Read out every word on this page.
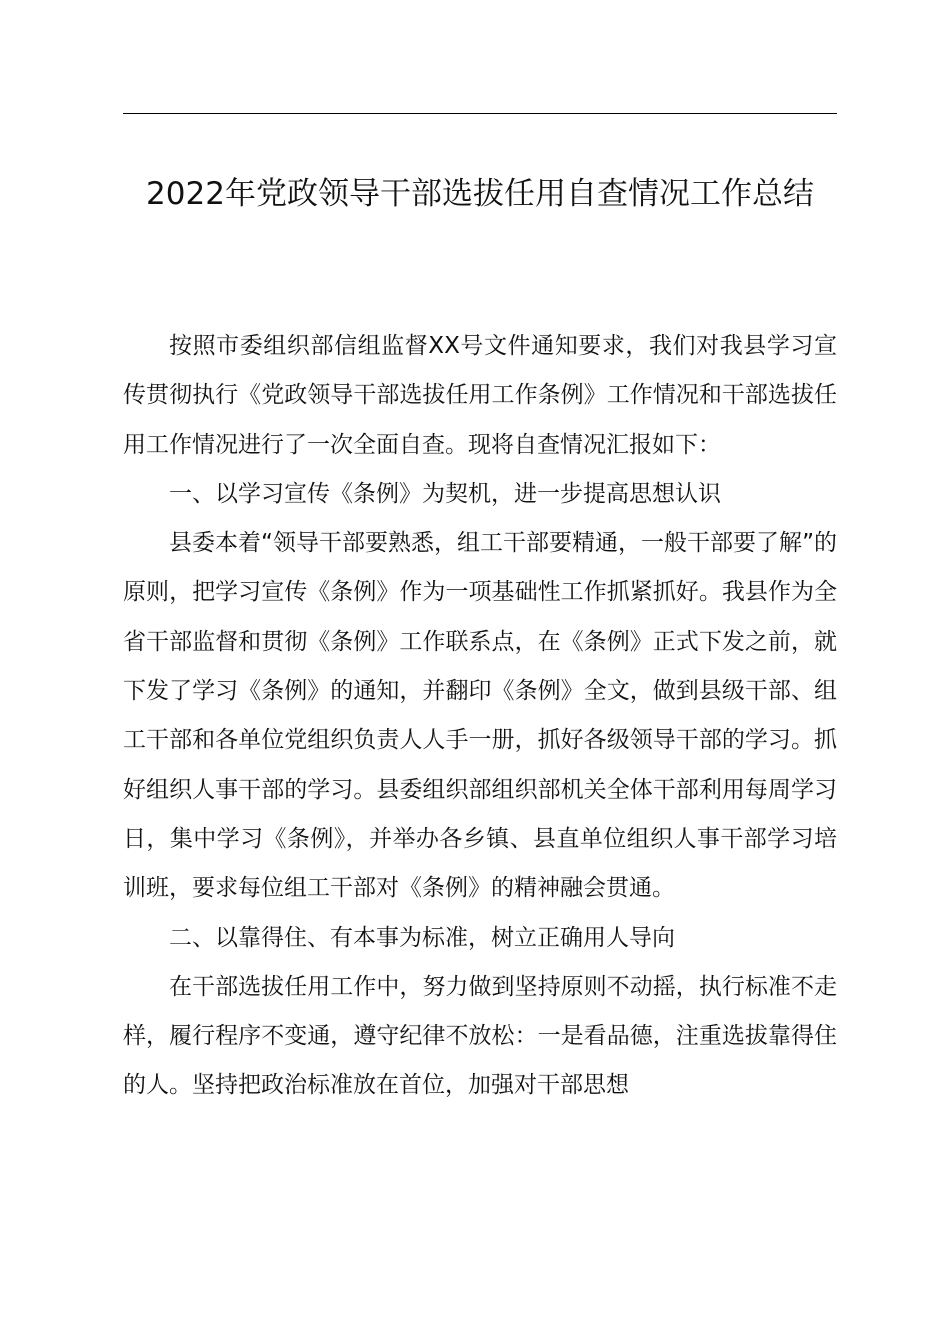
2022年党政领导干部选拔任用自查情况工作总结

按照市委组织部信组监督XX号文件通知要求，我们对我县学习宣传贯彻执行《党政领导干部选拔任用工作条例》工作情况和干部选拔任用工作情况进行了一次全面自查。现将自查情况汇报如下：

一、以学习宣传《条例》为契机，进一步提高思想认识

县委本着“领导干部要熟悉，组工干部要精通，一般干部要了解”的原则，把学习宣传《条例》作为一项基础性工作抓紧抓好。我县作为全省干部监督和贯彻《条例》工作联系点，在《条例》正式下发之前，就下发了学习《条例》的通知，并翻印《条例》全文，做到县级干部、组工干部和各单位党组织负责人人手一册，抓好各级领导干部的学习。抓好组织人事干部的学习。县委组织部组织部机关全体干部利用每周学习日，集中学习《条例》，并举办各乡镇、县直单位组织人事干部学习培训班，要求每位组工干部对《条例》的精神融会贯通。

二、以靠得住、有本事为标准，树立正确用人导向

在干部选拔任用工作中，努力做到坚持原则不动摇，执行标准不走样，履行程序不变通，遵守纪律不放松：一是看品德，注重选拔靠得住的人。坚持把政治标准放在首位，加强对干部思想
